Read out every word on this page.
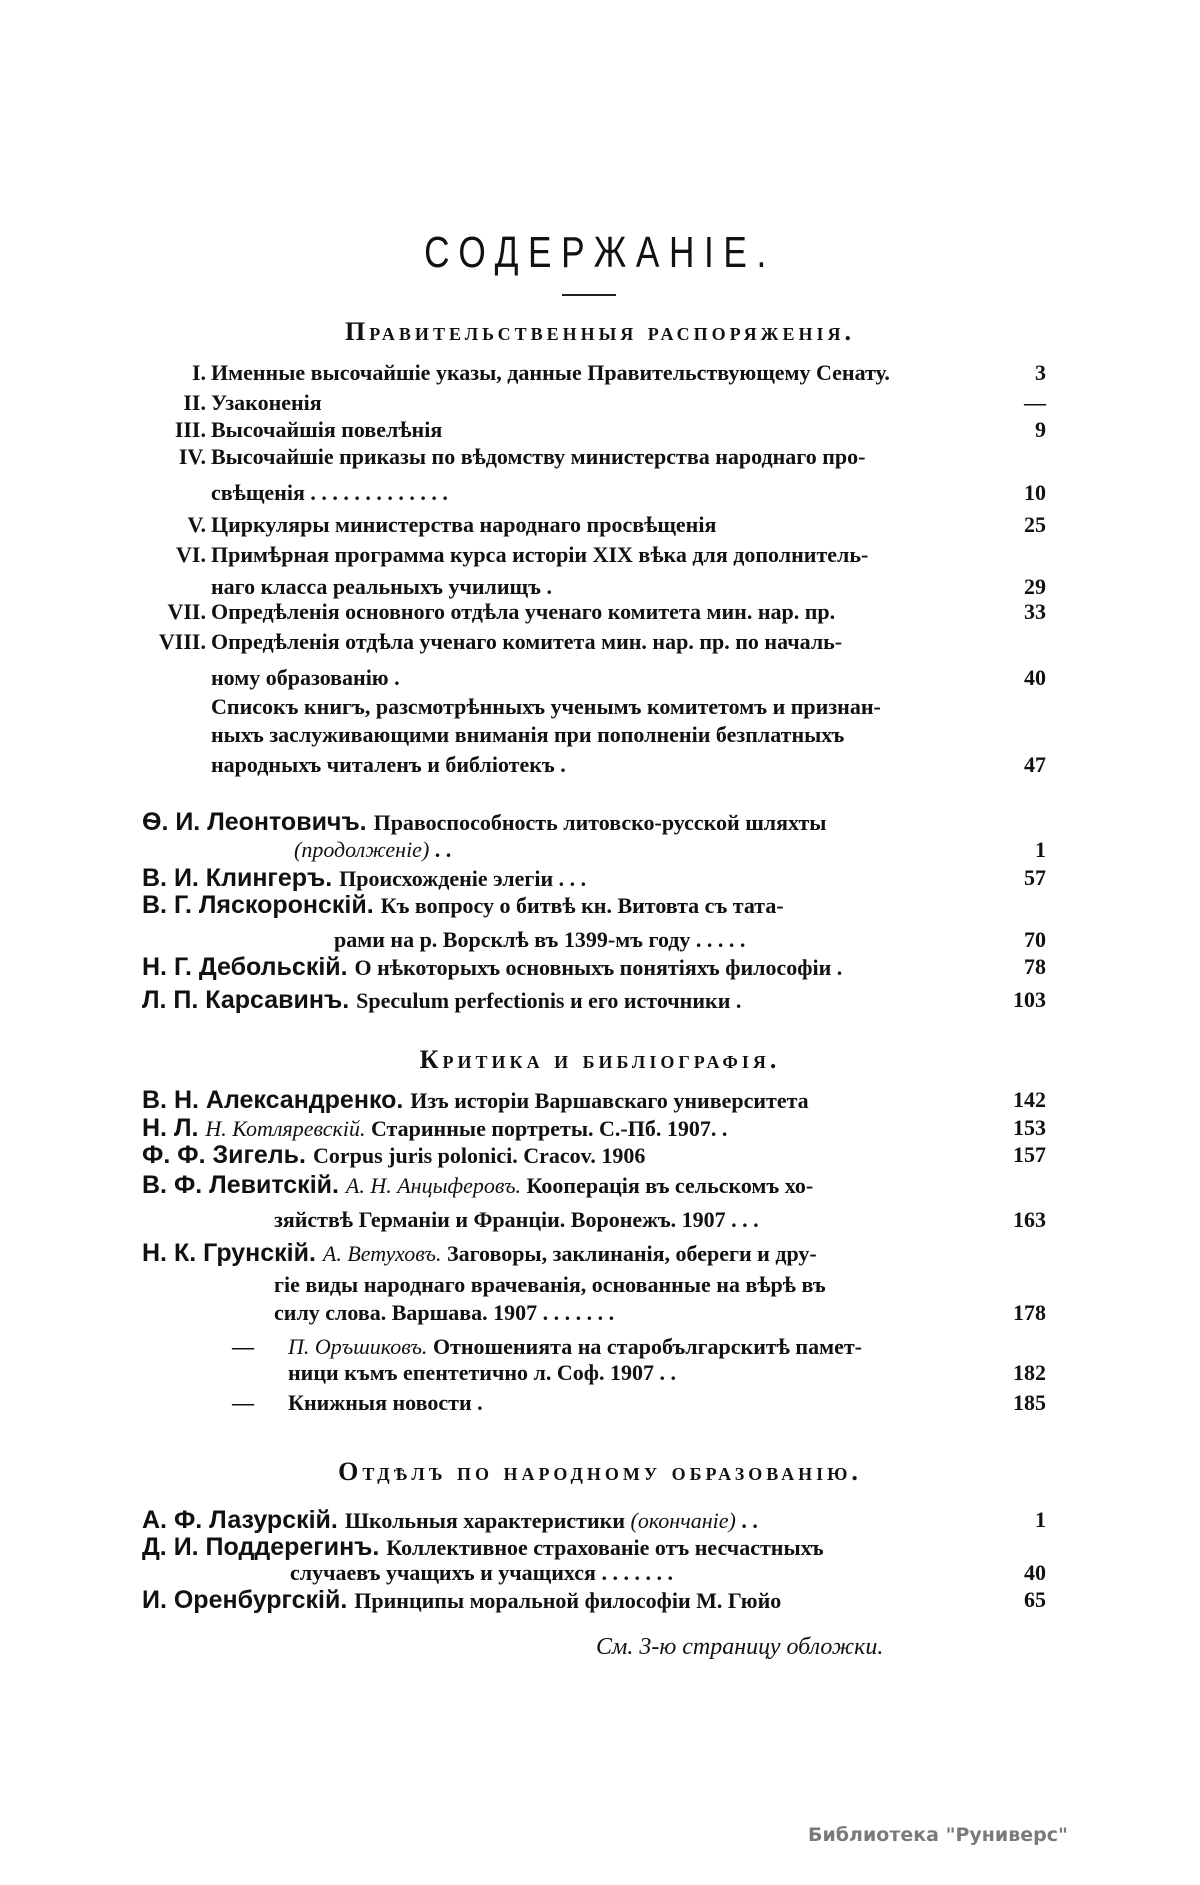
СОДЕРЖАНІЕ.
Правительственныя распоряженія.
Критика и библіографія.
Отдѣлъ по народному образованію.
I. Именные высочайшіе указы, данные Правительствующему Сенату.	3
II. Узаконенія	—
III. Высочайшія повелѣнія	9
IV. Высочайшіе приказы по вѣдомству министерства народнаго про-
свѣщенія . . . . . . . . . . . . .	10
V. Циркуляры министерства народнаго просвѣщенія	25
VI. Примѣрная программа курса исторіи XIX вѣка для дополнитель-
наго класса реальныхъ училищъ .	29
VII. Опредѣленія основного отдѣла ученаго комитета мин. нар. пр.	33
VIII. Опредѣленія отдѣла ученаго комитета мин. нар. пр. по началь-
ному образованію .	40
Списокъ книгъ, разсмотрѣнныхъ ученымъ комитетомъ и признан-
ныхъ заслуживающими вниманія при пополненіи безплатныхъ
народныхъ читаленъ и библіотекъ .	47
Ѳ. И. Леонтовичъ. Правоспособность литовско-русской шляхты
(продолженіе) . .	1
В. И. Клингеръ. Происхожденіе элегіи . . .	57
В. Г. Ляскоронскій. Къ вопросу о битвѣ кн. Витовта съ тата-
рами на р. Ворсклѣ въ 1399-мъ году . . . . .	70
Н. Г. Дебольскій. О нѣкоторыхъ основныхъ понятіяхъ философіи .	78
Л. П. Карсавинъ. Speculum perfectionis и его источники .	103
В. Н. Александренко. Изъ исторіи Варшавскаго университета	142
Н. Л. Н. Котляревскій. Старинные портреты. С.-Пб. 1907. .	153
Ф. Ф. Зигель. Corpus juris polonici. Cracov. 1906	157
В. Ф. Левитскій. А. Н. Анцыферовъ. Кооперація въ сельскомъ хо-
зяйствѣ Германіи и Франціи. Воронежъ. 1907 . . .	163
Н. К. Грунскій. А. Ветуховъ. Заговоры, заклинанія, обереги и дру-
гіе виды народнаго врачеванія, основанные на вѣрѣ въ
силу слова. Варшава. 1907 . . . . . . .	178
— П. Оръшиковъ. Отношенията на старобългарскитѣ памет-
ници къмъ епентетично л. Соф. 1907 . .	182
— Книжныя новости .	185
А. Ф. Лазурскій. Школьныя характеристики (окончаніе) . .	1
Д. И. Поддерегинъ. Коллективное страхованіе отъ несчастныхъ
случаевъ учащихъ и учащихся . . . . . . .	40
И. Оренбургскій. Принципы моральной философіи М. Гюйо	65
См. 3-ю страницу обложки.
Библиотека "Руниверс"
